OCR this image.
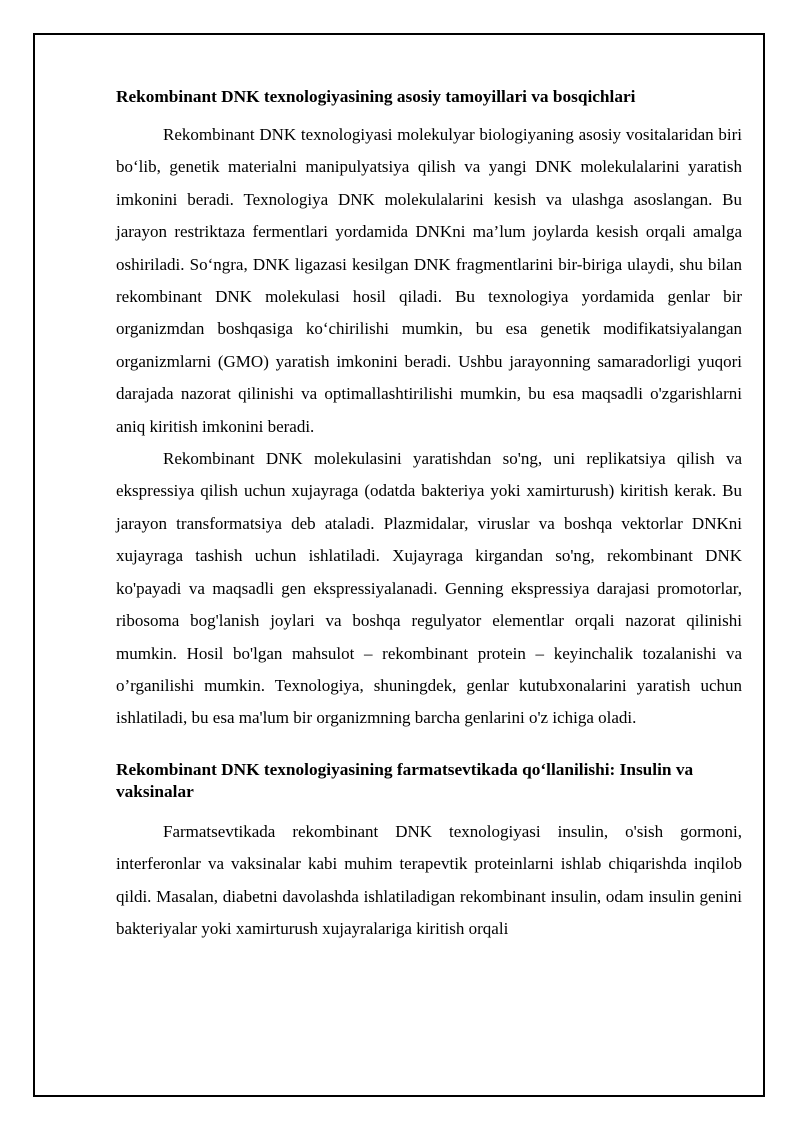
Rekombinant DNK texnologiyasining asosiy tamoyillari va bosqichlari

Rekombinant DNK texnologiyasi molekulyar biologiyaning asosiy vositalaridan biri bo‘lib, genetik materialni manipulyatsiya qilish va yangi DNK molekulalarini yaratish imkonini beradi. Texnologiya DNK molekulalarini kesish va ulashga asoslangan. Bu jarayon restriktaza fermentlari yordamida DNKni ma’lum joylarda kesish orqali amalga oshiriladi. So‘ngra, DNK ligazasi kesilgan DNK fragmentlarini bir-biriga ulaydi, shu bilan rekombinant DNK molekulasi hosil qiladi. Bu texnologiya yordamida genlar bir organizmdan boshqasiga ko‘chirilishi mumkin, bu esa genetik modifikatsiyalangan organizmlarni (GMO) yaratish imkonini beradi. Ushbu jarayonning samaradorligi yuqori darajada nazorat qilinishi va optimallashtirilishi mumkin, bu esa maqsadli o'zgarishlarni aniq kiritish imkonini beradi.

Rekombinant DNK molekulasini yaratishdan so'ng, uni replikatsiya qilish va ekspressiya qilish uchun xujayraga (odatda bakteriya yoki xamirturush) kiritish kerak. Bu jarayon transformatsiya deb ataladi. Plazmidalar, viruslar va boshqa vektorlar DNKni xujayraga tashish uchun ishlatiladi. Xujayraga kirgandan so'ng, rekombinant DNK ko'payadi va maqsadli gen ekspressiyalanadi. Genning ekspressiya darajasi promotorlar, ribosoma bog'lanish joylari va boshqa regulyator elementlar orqali nazorat qilinishi mumkin. Hosil bo'lgan mahsulot – rekombinant protein – keyinchalik tozalanishi va o’rganilishi mumkin. Texnologiya, shuningdek, genlar kutubxonalarini yaratish uchun ishlatiladi, bu esa ma'lum bir organizmning barcha genlarini o'z ichiga oladi.

Rekombinant DNK texnologiyasining farmatsevtikada qo‘llanilishi: Insulin va vaksinalar

Farmatsevtikada rekombinant DNK texnologiyasi insulin, o'sish gormoni, interferonlar va vaksinalar kabi muhim terapevtik proteinlarni ishlab chiqarishda inqilob qildi. Masalan, diabetni davolashda ishlatiladigan rekombinant insulin, odam insulin genini bakteriyalar yoki xamirturush xujayralariga kiritish orqali
